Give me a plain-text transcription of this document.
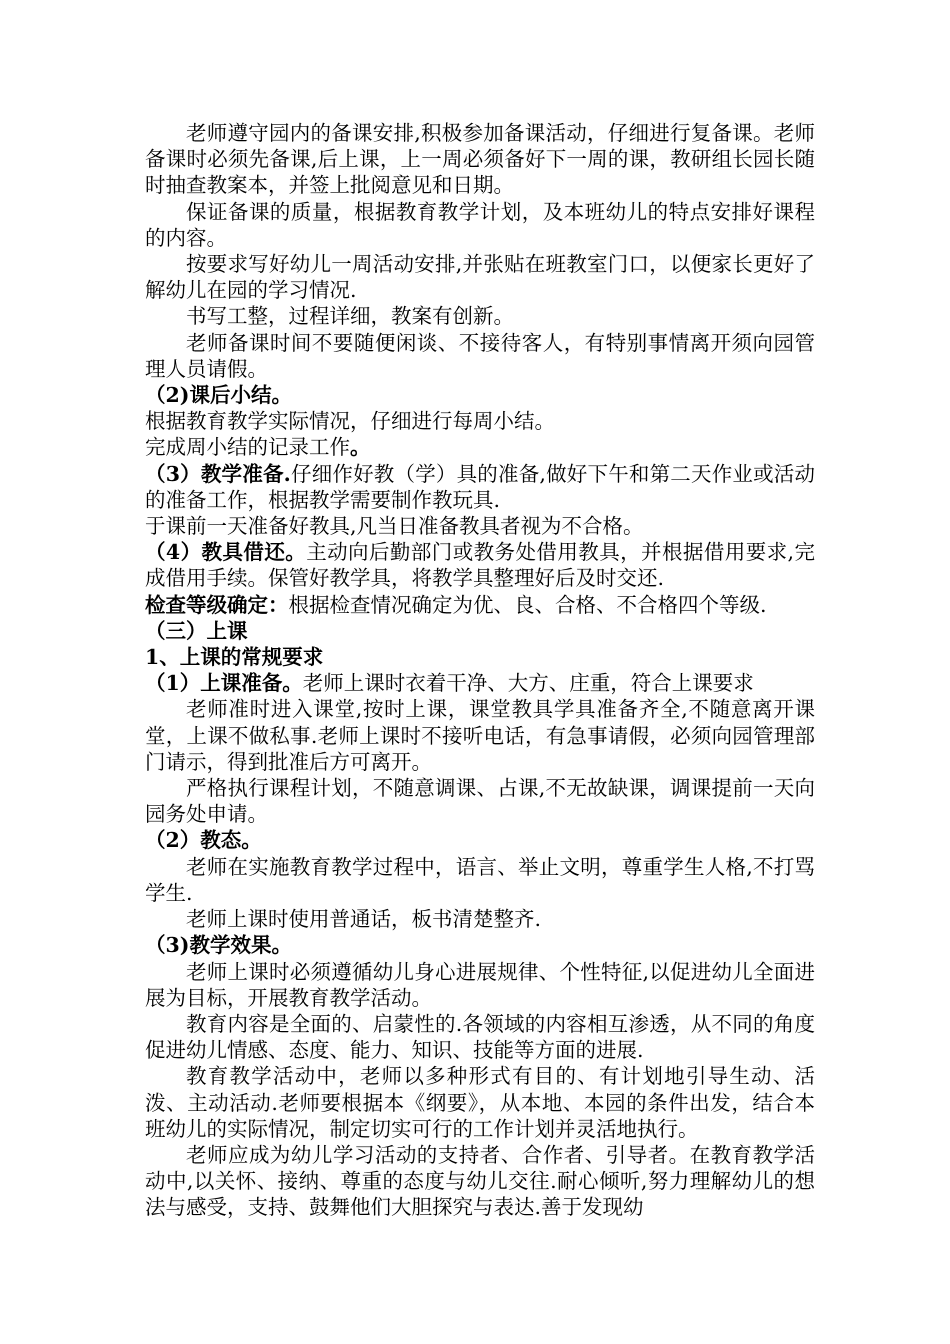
老师遵守园内的备课安排,积极参加备课活动，仔细进行复备课。老师备课时必须先备课,后上课，上一周必须备好下一周的课，教研组长园长随时抽查教案本，并签上批阅意见和日期。

保证备课的质量，根据教育教学计划，及本班幼儿的特点安排好课程的内容。

按要求写好幼儿一周活动安排,并张贴在班教室门口，以便家长更好了解幼儿在园的学习情况.

书写工整，过程详细，教案有创新。

老师备课时间不要随便闲谈、不接待客人，有特别事情离开须向园管理人员请假。

（2)课后小结。

根据教育教学实际情况，仔细进行每周小结。

完成周小结的记录工作。

（3）教学准备.仔细作好教（学）具的准备,做好下午和第二天作业或活动的准备工作，根据教学需要制作教玩具.

于课前一天准备好教具,凡当日准备教具者视为不合格。

（4）教具借还。主动向后勤部门或教务处借用教具，并根据借用要求,完成借用手续。保管好教学具，将教学具整理好后及时交还.

检查等级确定：根据检查情况确定为优、良、合格、不合格四个等级.

（三）上课

1、上课的常规要求

（1）上课准备。老师上课时衣着干净、大方、庄重，符合上课要求

老师准时进入课堂,按时上课，课堂教具学具准备齐全,不随意离开课堂，上课不做私事.老师上课时不接听电话，有急事请假，必须向园管理部门请示，得到批准后方可离开。

严格执行课程计划，不随意调课、占课,不无故缺课，调课提前一天向园务处申请。

（2）教态。

老师在实施教育教学过程中，语言、举止文明，尊重学生人格,不打骂学生.

老师上课时使用普通话，板书清楚整齐.

（3)教学效果。

老师上课时必须遵循幼儿身心进展规律、个性特征,以促进幼儿全面进展为目标，开展教育教学活动。

教育内容是全面的、启蒙性的.各领域的内容相互渗透，从不同的角度促进幼儿情感、态度、能力、知识、技能等方面的进展.

教育教学活动中，老师以多种形式有目的、有计划地引导生动、活泼、主动活动.老师要根据本《纲要》，从本地、本园的条件出发，结合本班幼儿的实际情况，制定切实可行的工作计划并灵活地执行。

老师应成为幼儿学习活动的支持者、合作者、引导者。在教育教学活动中,以关怀、接纳、尊重的态度与幼儿交往.耐心倾听,努力理解幼儿的想法与感受，支持、鼓舞他们大胆探究与表达.善于发现幼
